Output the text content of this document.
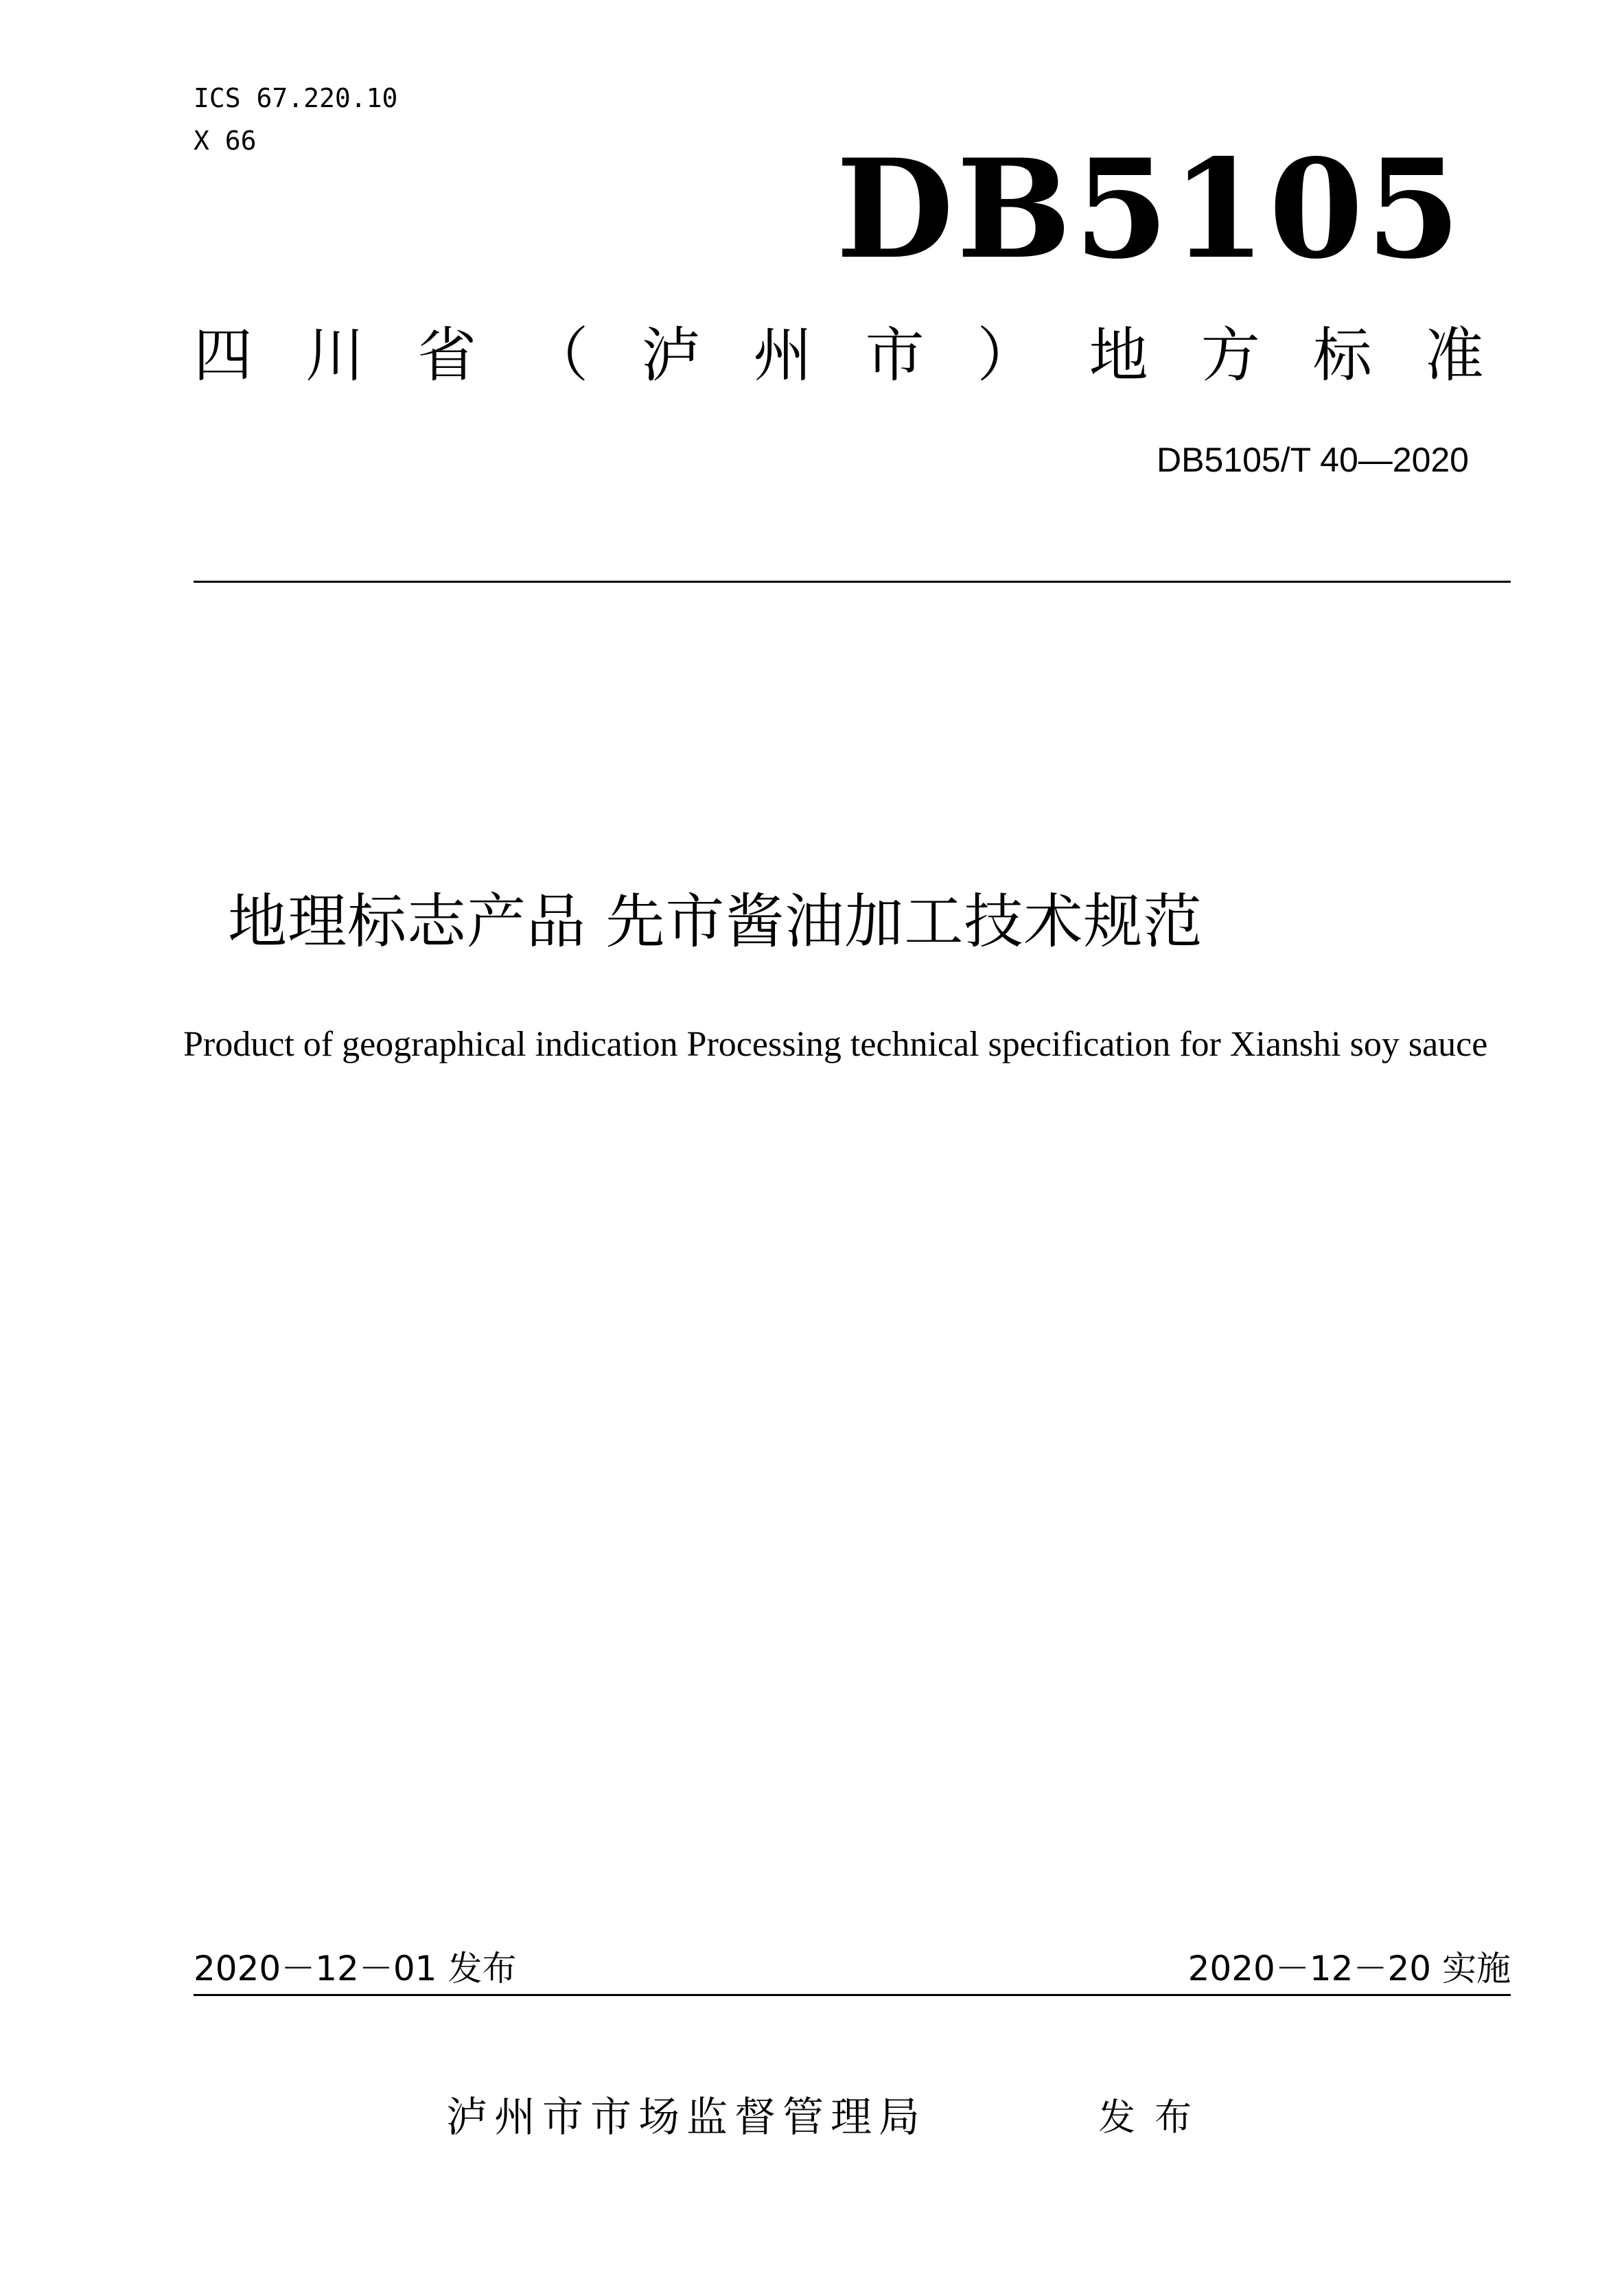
ICS 67.220.10
X 66	DB5105
四 川 省 （ 泸 州 市 ） 地 方 标 准
DB5105/T 40—2020
地理标志产品 先市酱油加工技术规范
Product of geographical indication Processing technical specification for Xianshi soy sauce
2020－12－01 发布	2020－12－20 实施
泸州市市场监督管理局	发布
